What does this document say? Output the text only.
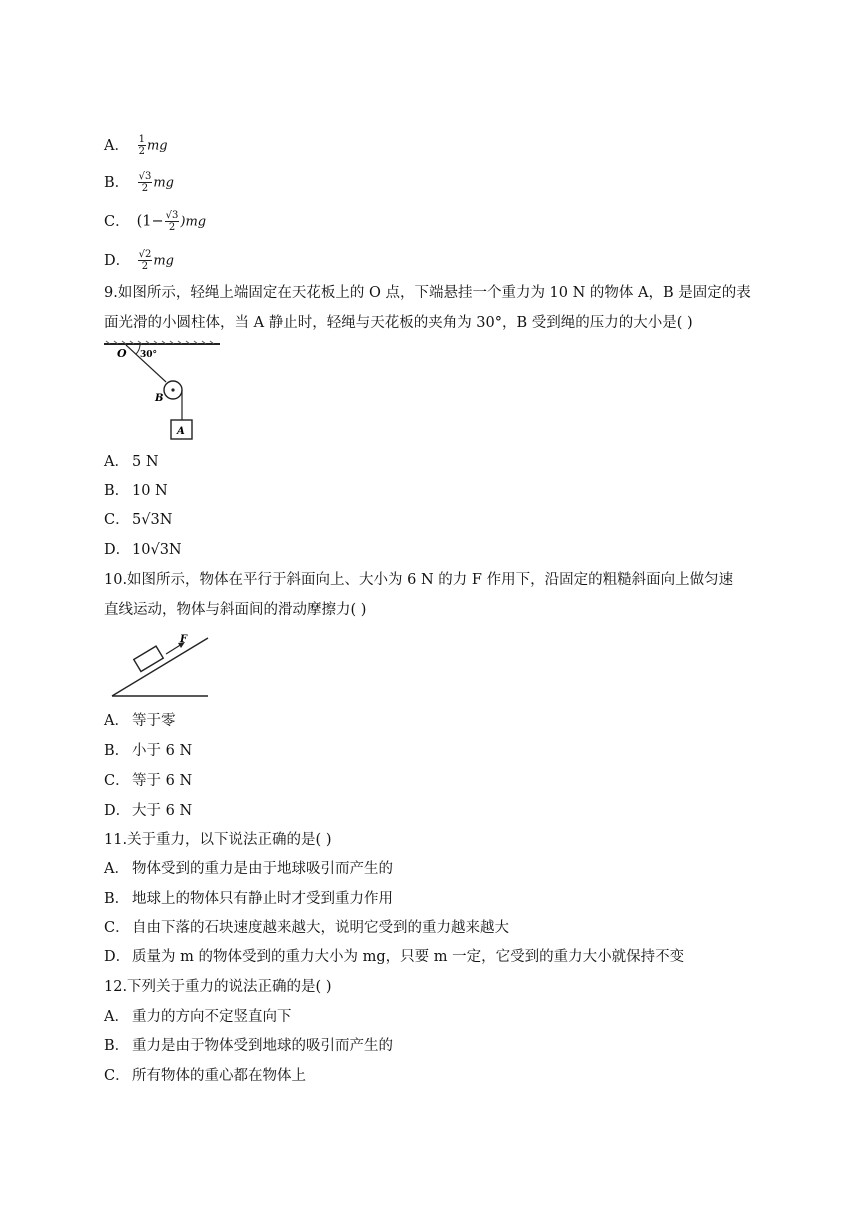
A． $\frac{1}{2}$ mg
B． $\frac{√3}{2}$ mg
C． $(1- \frac{√3}{2} )mg$
D． $\frac{√2}{2}$ mg
9.如图所示，轻绳上端固定在天花板上的 O 点，下端悬挂一个重力为 10 N 的物体 A，B 是固定的表
面光滑的小圆柱体，当 A 静止时，轻绳与天花板的夹角为 30°，B 受到绳的压力的大小是( )
O 30°
B
A
A． 5 N
B． 10 N
C． 5√3N
D． 10√3N
10.如图所示，物体在平行于斜面向上、大小为 6 N 的力 F 作用下，沿固定的粗糙斜面向上做匀速
直线运动，物体与斜面间的滑动摩擦力( )
F
A． 等于零
B． 小于 6 N
C． 等于 6 N
D． 大于 6 N
11.关于重力，以下说法正确的是( )
A． 物体受到的重力是由于地球吸引而产生的
B． 地球上的物体只有静止时才受到重力作用
C． 自由下落的石块速度越来越大，说明它受到的重力越来越大
D． 质量为 m 的物体受到的重力大小为 mg，只要 m 一定，它受到的重力大小就保持不变
12.下列关于重力的说法正确的是( )
A． 重力的方向不定竖直向下
B． 重力是由于物体受到地球的吸引而产生的
C． 所有物体的重心都在物体上
